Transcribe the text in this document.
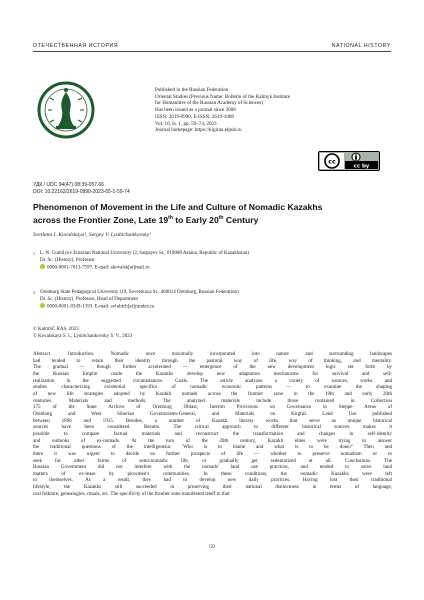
ОТЕЧЕСТВЕННАЯ ИСТОРИЯ	NATIONAL HISTORY
Published in the Russian Federation
Oriental Studies (Previous Name: Bulletin of the Kalmyk Institute
for Humanities of the Russian Academy of Sciences)
Has been issued as a journal since 2008
ISSN: 2619-0990, E-ISSN: 2619-1008
Vol. 16, Is. 1, pp. 59–74, 2023
Journal homepage: https://kigiran.elpub.ru
cc
cc by
УДК / UDC 94(47).08:39-057.66
DOI: 10.22162/2619-0990-2023-65-1-59-74
Phenomenon of Movement in the Life and Culture of Nomadic Kazakhs
across the Frontier Zone, Late 19th to Early 20th Century
Svetlana I. Kovalskaya¹, Sergey V. Lyubichankovsky²
1 L. N. Gumilyov Eurasian National University (2, Satpayev St., 010008 Astana, Republic of Kazakhstan)
Dr. Sc. (History), Professor
0000-0001-7613-7597. E-mail: skovalsk[at]mail.ru
2 Orenburg State Pedagogical University (19, Sovetskaya St., 460014 Orenburg, Russian Federation)
Dr. Sc. (History), Professor, Head of Department
0000-0001-8349-1359. E-mail: svlubich[at]yandex.ru
© KalmSC RAS, 2023
© Kovalskaya S. I., Lyubichankovsky S. V., 2023
Abstract. Introduction. Nomadic once maximally incorporated into nature and surrounding landscapes
had tended to retain their identity through the pastoral way of life, way of thinking, and mentality.
The gradual — though further accelerated — emergence of the new development logic set forth by
the Russian Empire made the Kazakhs develop new adaptation mechanisms for survival and self-
realization in the suggested circumstances. Goals. The article analyzes a variety of sources, works and
studies characterizing existential specifics of nomadic economic patterns — to examine the shaping
of new life strategies adopted by Kazakh nomads across the frontier zone in the 19th and early 20th
centuries. Materials and methods. The analyzed materials include those contained in Collection
175 of the State Archive of Orenburg Oblast, Interim Provisions on Governance in Steppe Areas of
Orenburg and West Siberian Governorates-General, and Materials on Kirghiz Land Use published
between 1896 and 1915. Besides, a number of Kazakh literary works that serve as unique historical
sources have been considered. Results. The critical approach to different historical sources makes it
possible to compare factual materials and reconstruct the transformation and changes in self-identity
and outlooks of ex-nomads. At the turn of the 20th century, Kazakh elites were trying to answer
the traditional questions of the intelligentsia: 'Who is to blame and what is to be done?' Then and
there it was urgent to decide on further prospects of life — whether to preserve nomadism or to
seek for other forms of semi-nomadic life, or gradually get sedentarized at all. Conclusions. The
Russian Government did not interfere with the nomads' land use practices, and tended to solve land
matters of ex-lease by plowmen's communities. In these conditions, the nomadic Kazakhs were left
to themselves. As a result, they had to develop new daily practices. Having lost their traditional
lifestyle, the Kazakhs still succeeded in preserving their national distinctness in terms of language,
oral folklore, genealogies, rituals, etc. The specificity of the frontier zone manifested itself in that
59
